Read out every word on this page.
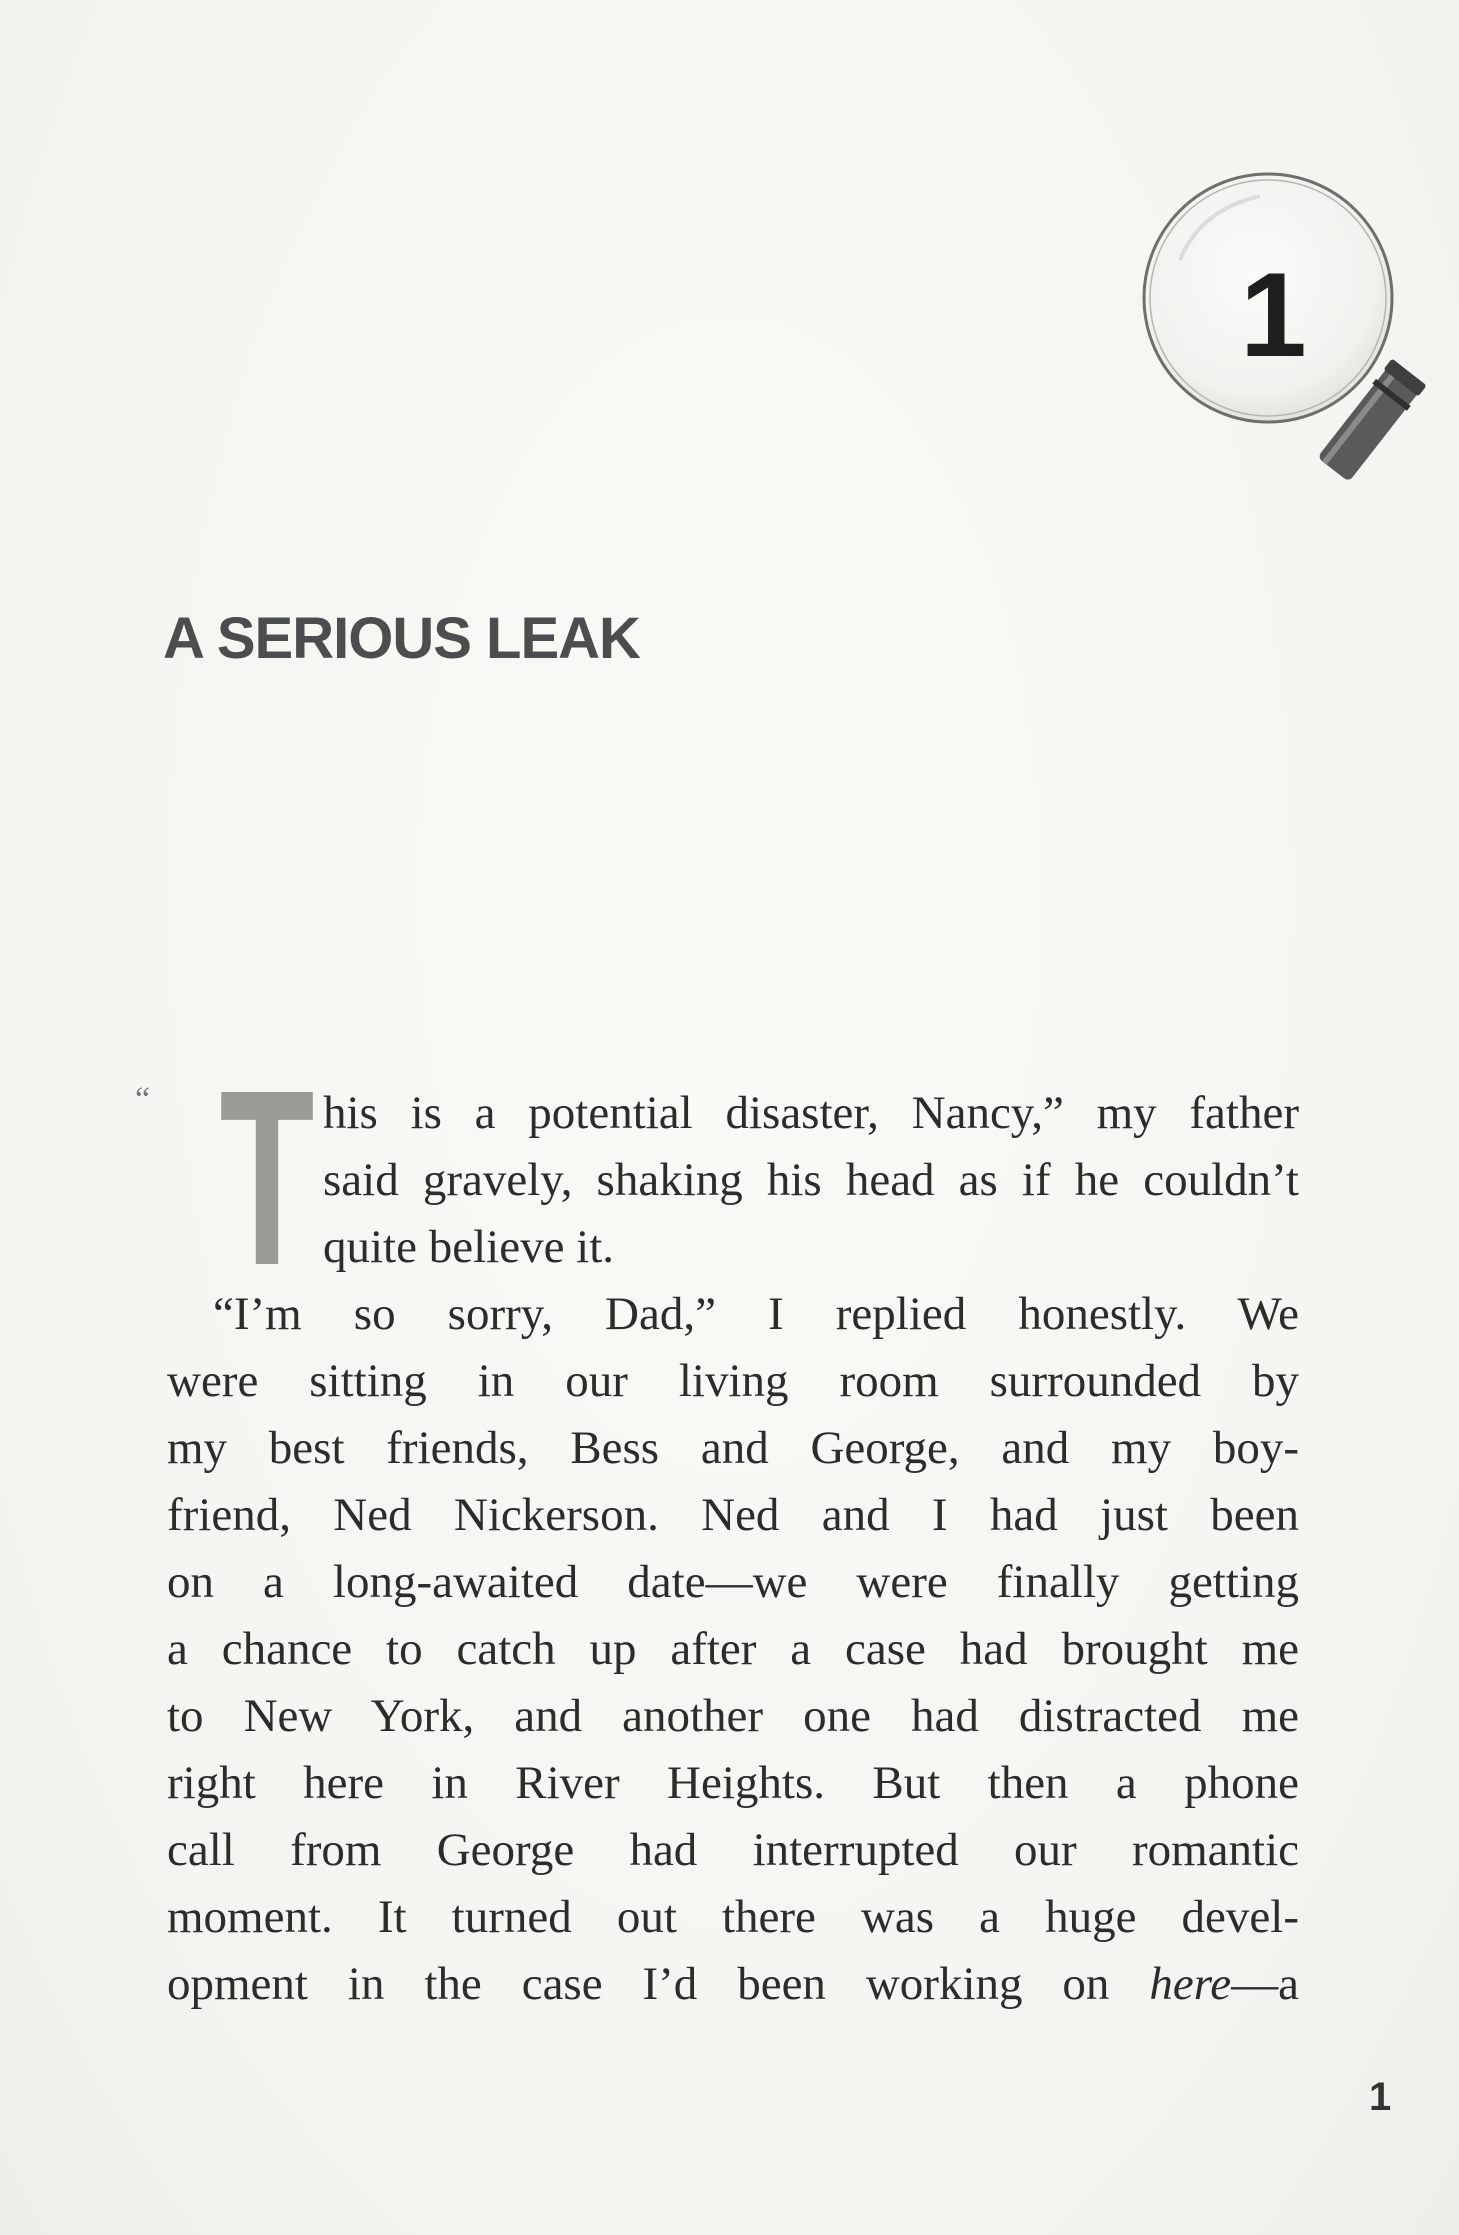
1
A SERIOUS LEAK
“ T his is a potential disaster, Nancy,” my father
said gravely, shaking his head as if he couldn’t
quite believe it.
“I’m so sorry, Dad,” I replied honestly. We
were sitting in our living room surrounded by
my best friends, Bess and George, and my boy-
friend, Ned Nickerson. Ned and I had just been
on a long-awaited date—we were finally getting
a chance to catch up after a case had brought me
to New York, and another one had distracted me
right here in River Heights. But then a phone
call from George had interrupted our romantic
moment. It turned out there was a huge devel-
opment in the case I’d been working on here—a
1
